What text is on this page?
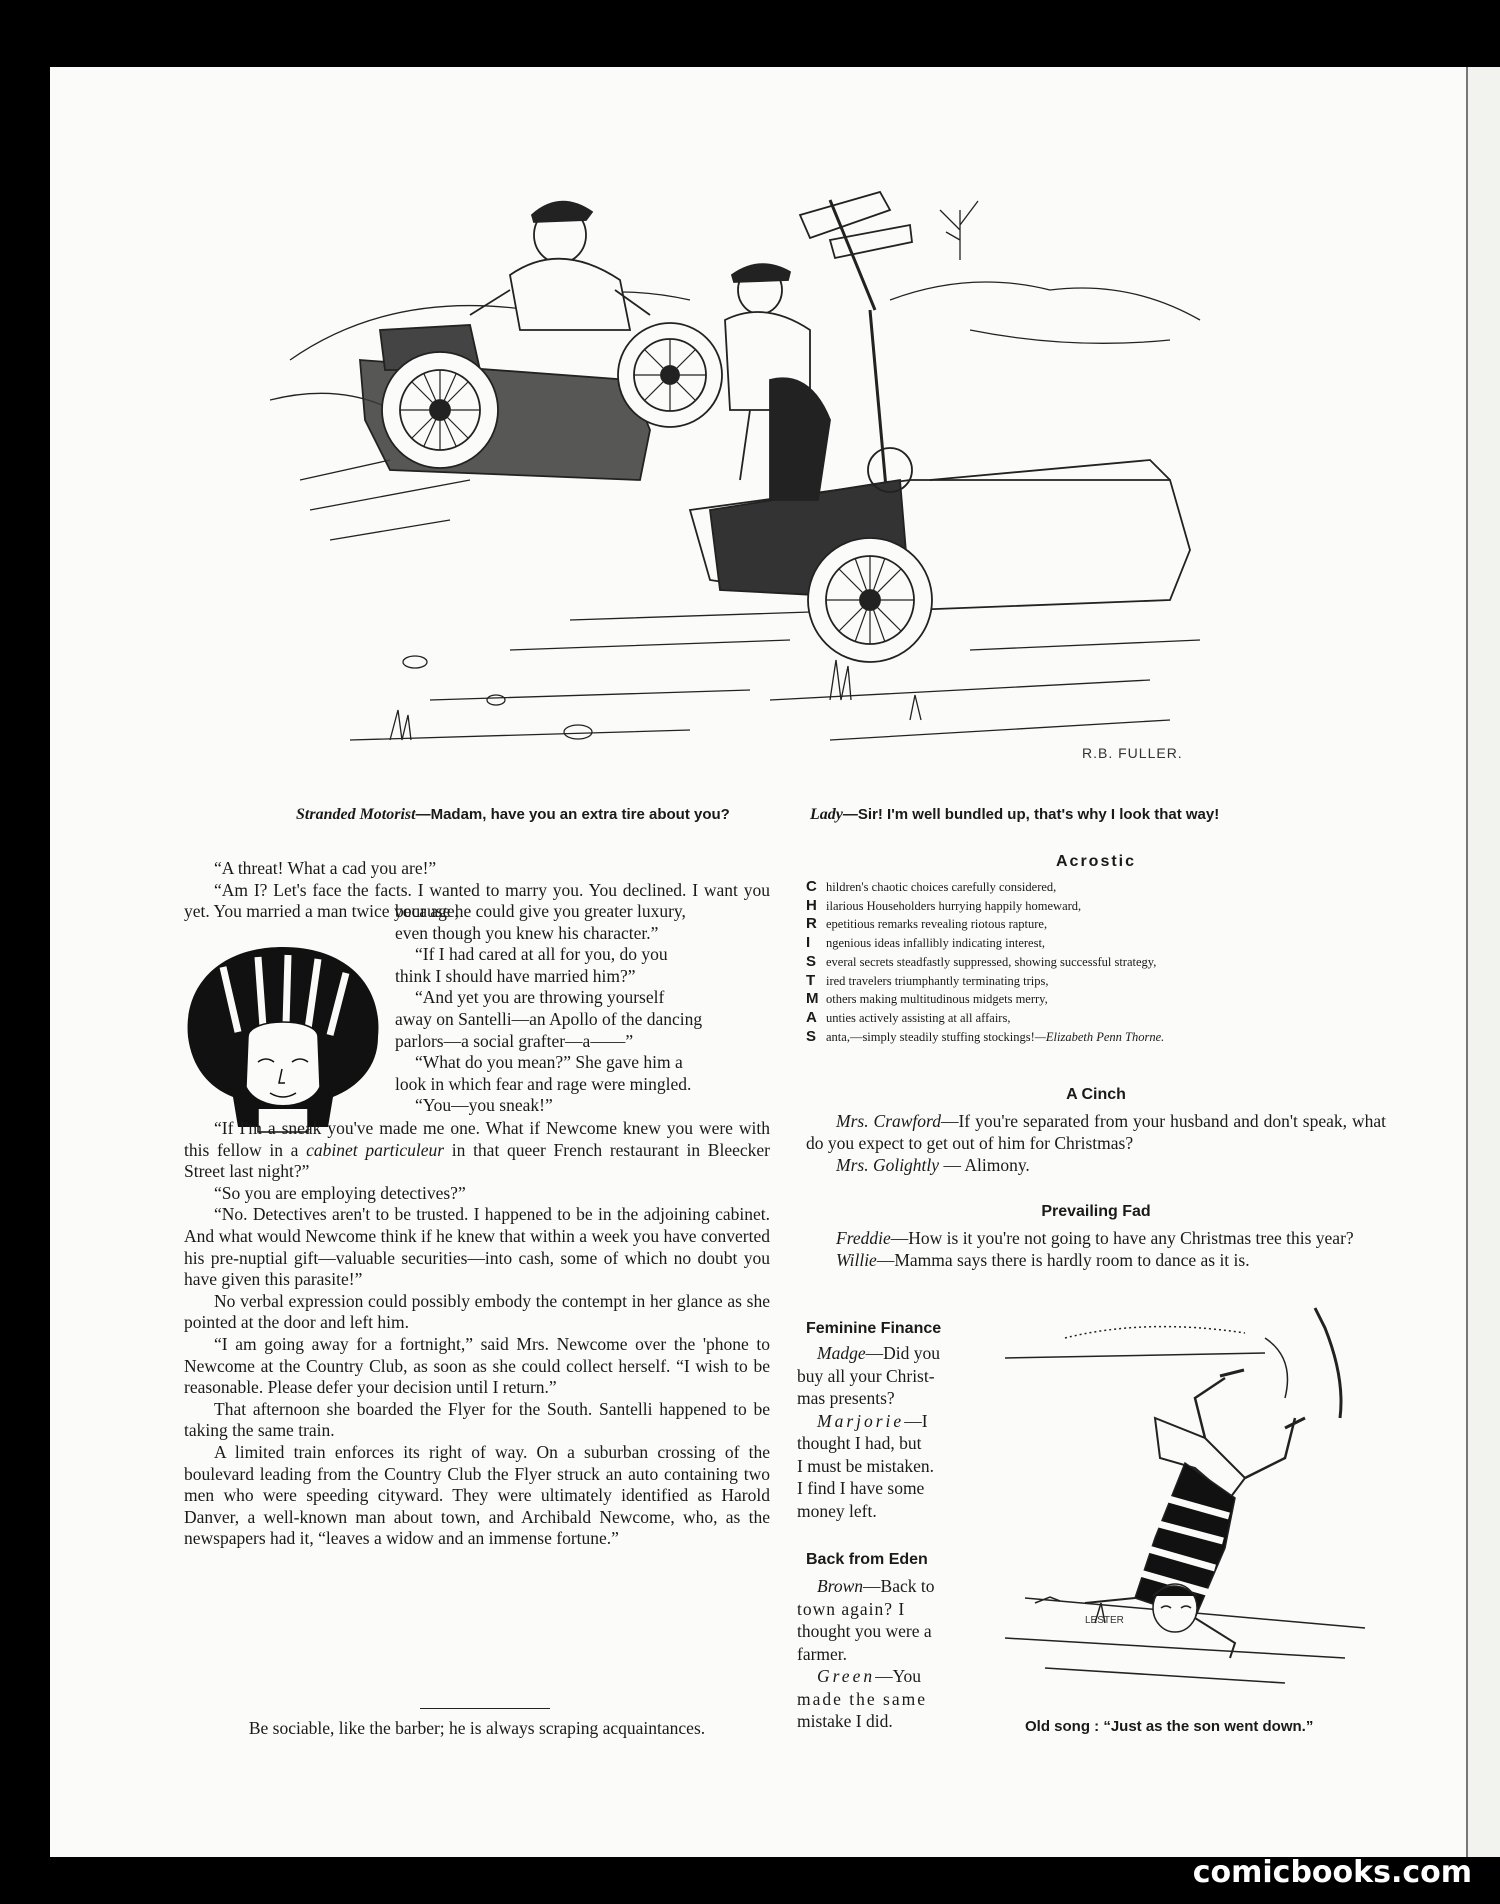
R.B. FULLER.
Stranded Motorist—Madam, have you an extra tire about you?	Lady—Sir! I'm well bundled up, that's why I look that way!

“A threat! What a cad you are!”

“Am I? Let's face the facts. I wanted to marry you. You declined. I want you yet. You married a man twice your age,

because he could give you greater luxury,
even though you knew his character.”
“If I had cared at all for you, do you
think I should have married him?”
“And yet you are throwing yourself
away on Santelli—an Apollo of the dancing
parlors—a social grafter—a——”
“What do you mean?” She gave him a
look in which fear and rage were mingled.
“You—you sneak!”

“If I'm a sneak you've made me one. What if Newcome knew you were with this fellow in a cabinet particuleur in that queer French restaurant in Bleecker Street last night?”

“So you are employing detectives?”

“No. Detectives aren't to be trusted. I happened to be in the adjoining cabinet. And what would Newcome think if he knew that within a week you have converted his pre-nuptial gift—valuable securities—into cash, some of which no doubt you have given this parasite!”

No verbal expression could possibly embody the contempt in her glance as she pointed at the door and left him.

“I am going away for a fortnight,” said Mrs. Newcome over the 'phone to Newcome at the Country Club, as soon as she could collect herself. “I wish to be reasonable. Please defer your decision until I return.”

That afternoon she boarded the Flyer for the South. Santelli happened to be taking the same train.

A limited train enforces its right of way. On a suburban crossing of the boulevard leading from the Country Club the Flyer struck an auto containing two men who were speeding cityward. They were ultimately identified as Harold Danver, a well-known man about town, and Archibald Newcome, who, as the newspapers had it, “leaves a widow and an immense fortune.”

Be sociable, like the barber; he is always scraping acquaintances.
Acrostic
C hildren's chaotic choices carefully considered,
H ilarious Householders hurrying happily homeward,
R epetitious remarks revealing riotous rapture,
I ngenious ideas infallibly indicating interest,
S everal secrets steadfastly suppressed, showing successful strategy,
T ired travelers triumphantly terminating trips,
M others making multitudinous midgets merry,
A unties actively assisting at all affairs,
S anta,—simply steadily stuffing stockings!—Elizabeth Penn Thorne.
A Cinch

Mrs. Crawford—If you're separated from your husband and don't speak, what do you expect to get out of him for Christmas?

Mrs. Golightly — Alimony.

Prevailing Fad

Freddie—How is it you're not going to have any Christmas tree this year?

Willie—Mamma says there is hardly room to dance as it is.

Feminine Finance
Madge—Did you
buy all your Christ-
mas presents?
Marjorie—I
thought I had, but
I must be mistaken.
I find I have some
money left.
Back from Eden
Brown—Back to
town again? I
thought you were a
farmer.
Green—You
made the same
mistake I did.
LESTER
Old song : “Just as the son went down.”
comicbooks.com
